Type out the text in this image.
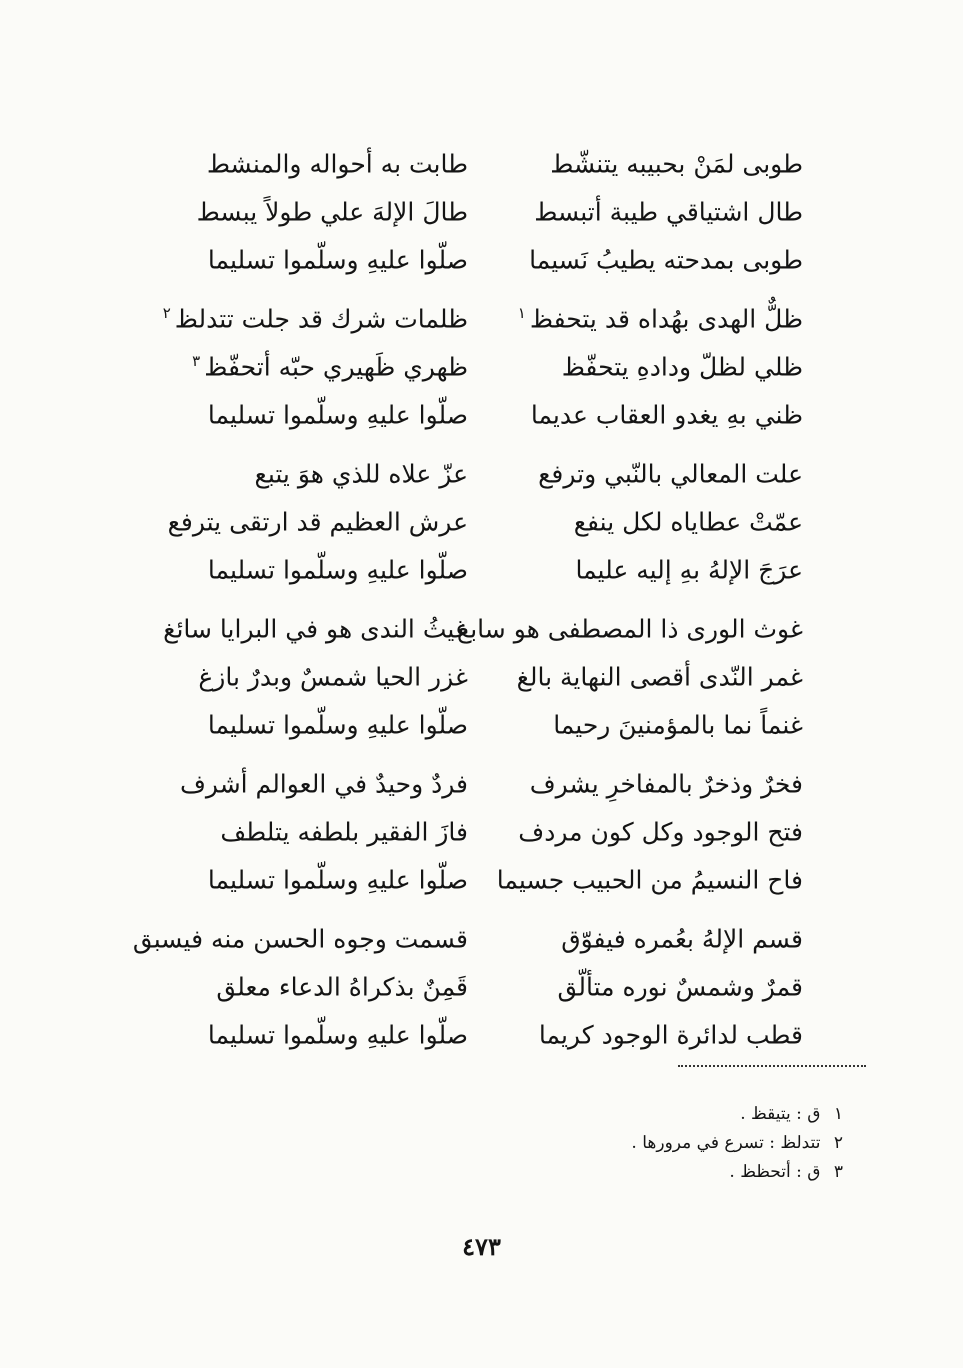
طوبى لمَنْ بحبيبه يتنشّط
طابت به أحواله والمنشط
طال اشتياقي طيبة أتبسط
طالَ الإلهَ علي طولاً يبسط
طوبى بمدحته يطيبُ نَسيما
صلّوا عليهِ وسلّموا تسليما
ظلٌّ الهدى بهُداه قد يتحفظ$^١$
ظلمات شرك قد جلت تتدلظ$^٢$
ظلي لظلّ ودادهِ يتحفّظ
ظهري ظَهيري حبّه أتحفّظ$^٣$
ظني بهِ يغدو العقاب عديما
صلّوا عليهِ وسلّموا تسليما
علت المعالي بالنّبي وترفع
عزّ علاه للذي هوَ يتبع
عمّتْ عطاياه لكل ينفع
عرش العظيم قد ارتقى يترفع
عرَجَ الإلهُ بهِ إليه عليما
صلّوا عليهِ وسلّموا تسليما
غوث الورى ذا المصطفى هو سابغ
غيثُ الندى هو في البرايا سائغ
غمر النّدى أقصى النهاية بالغ
غزر الحيا شمسٌ وبدرٌ بازغ
غنماً نما بالمؤمنينَ رحيما
صلّوا عليهِ وسلّموا تسليما
فخرٌ وذخرٌ بالمفاخرِ يشرف
فردٌ وحيدٌ في العوالم أشرف
فتح الوجود وكل كون مردف
فازَ الفقير بلطفه يتلطف
فاح النسيمُ من الحبيب جسيما
صلّوا عليهِ وسلّموا تسليما
قسم الإلهُ بعُمره فيفوّق
قسمت وجوه الحسن منه فيسبق
قمرٌ وشمسٌ نوره متألّق
قَمِنٌ بذكراهُ الدعاء معلق
قطب لدائرة الوجود كريما
صلّوا عليهِ وسلّموا تسليما
١ ق : يتيقظ .
٢ تتدلظ : تسرع في مرورها .
٣ ق : أتحظظ .
٤٧٣
